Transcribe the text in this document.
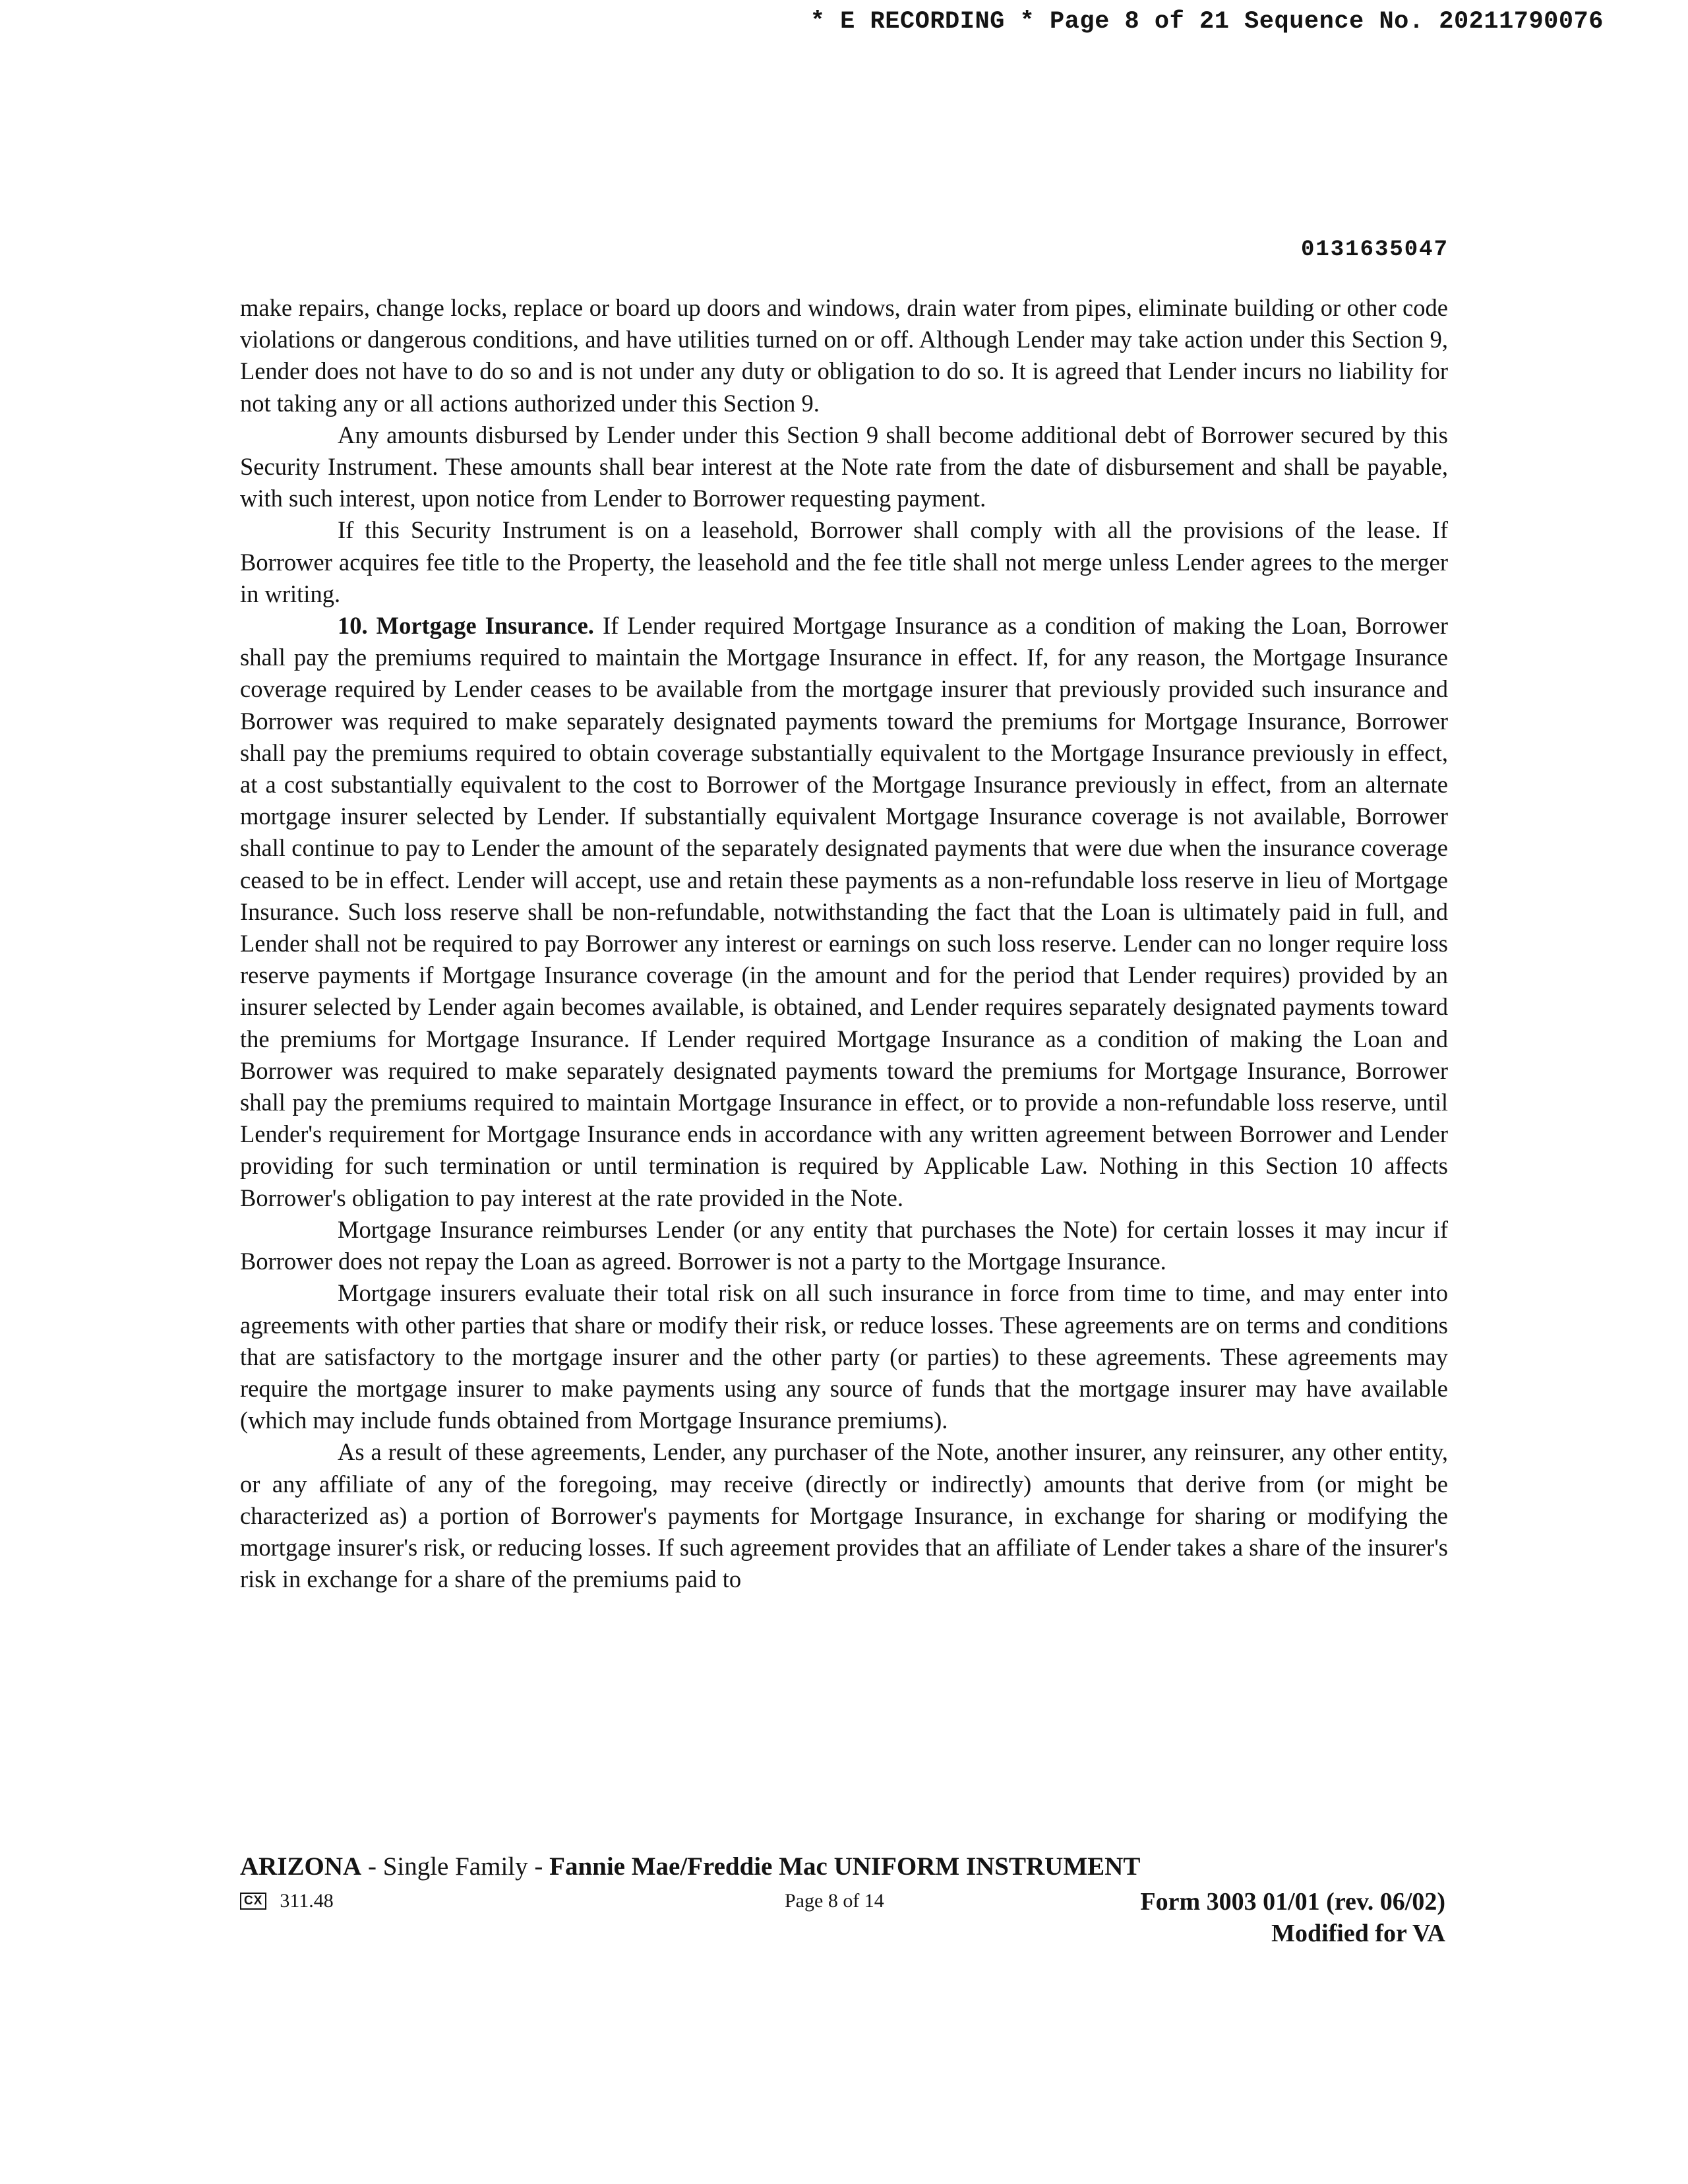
* E RECORDING * Page 8 of 21 Sequence No. 20211790076
0131635047

make repairs, change locks, replace or board up doors and windows, drain water from pipes, eliminate building or other code violations or dangerous conditions, and have utilities turned on or off. Although Lender may take action under this Section 9, Lender does not have to do so and is not under any duty or obligation to do so. It is agreed that Lender incurs no liability for not taking any or all actions authorized under this Section 9.

Any amounts disbursed by Lender under this Section 9 shall become additional debt of Borrower secured by this Security Instrument. These amounts shall bear interest at the Note rate from the date of disbursement and shall be payable, with such interest, upon notice from Lender to Borrower requesting payment.

If this Security Instrument is on a leasehold, Borrower shall comply with all the provisions of the lease. If Borrower acquires fee title to the Property, the leasehold and the fee title shall not merge unless Lender agrees to the merger in writing.

10. Mortgage Insurance. If Lender required Mortgage Insurance as a condition of making the Loan, Borrower shall pay the premiums required to maintain the Mortgage Insurance in effect. If, for any reason, the Mortgage Insurance coverage required by Lender ceases to be available from the mortgage insurer that previously provided such insurance and Borrower was required to make separately designated payments toward the premiums for Mortgage Insurance, Borrower shall pay the premiums required to obtain coverage substantially equivalent to the Mortgage Insurance previously in effect, at a cost substantially equivalent to the cost to Borrower of the Mortgage Insurance previously in effect, from an alternate mortgage insurer selected by Lender. If substantially equivalent Mortgage Insurance coverage is not available, Borrower shall continue to pay to Lender the amount of the separately designated payments that were due when the insurance coverage ceased to be in effect. Lender will accept, use and retain these payments as a non-refundable loss reserve in lieu of Mortgage Insurance. Such loss reserve shall be non-refundable, notwithstanding the fact that the Loan is ultimately paid in full, and Lender shall not be required to pay Borrower any interest or earnings on such loss reserve. Lender can no longer require loss reserve payments if Mortgage Insurance coverage (in the amount and for the period that Lender requires) provided by an insurer selected by Lender again becomes available, is obtained, and Lender requires separately designated payments toward the premiums for Mortgage Insurance. If Lender required Mortgage Insurance as a condition of making the Loan and Borrower was required to make separately designated payments toward the premiums for Mortgage Insurance, Borrower shall pay the premiums required to maintain Mortgage Insurance in effect, or to provide a non-refundable loss reserve, until Lender's requirement for Mortgage Insurance ends in accordance with any written agreement between Borrower and Lender providing for such termination or until termination is required by Applicable Law. Nothing in this Section 10 affects Borrower's obligation to pay interest at the rate provided in the Note.

Mortgage Insurance reimburses Lender (or any entity that purchases the Note) for certain losses it may incur if Borrower does not repay the Loan as agreed. Borrower is not a party to the Mortgage Insurance.

Mortgage insurers evaluate their total risk on all such insurance in force from time to time, and may enter into agreements with other parties that share or modify their risk, or reduce losses. These agreements are on terms and conditions that are satisfactory to the mortgage insurer and the other party (or parties) to these agreements. These agreements may require the mortgage insurer to make payments using any source of funds that the mortgage insurer may have available (which may include funds obtained from Mortgage Insurance premiums).

As a result of these agreements, Lender, any purchaser of the Note, another insurer, any reinsurer, any other entity, or any affiliate of any of the foregoing, may receive (directly or indirectly) amounts that derive from (or might be characterized as) a portion of Borrower's payments for Mortgage Insurance, in exchange for sharing or modifying the mortgage insurer's risk, or reducing losses. If such agreement provides that an affiliate of Lender takes a share of the insurer's risk in exchange for a share of the premiums paid to

ARIZONA - Single Family - Fannie Mae/Freddie Mac UNIFORM INSTRUMENT
CX 311.48	Page 8 of 14	Form 3003 01/01 (rev. 06/02)
Modified for VA
